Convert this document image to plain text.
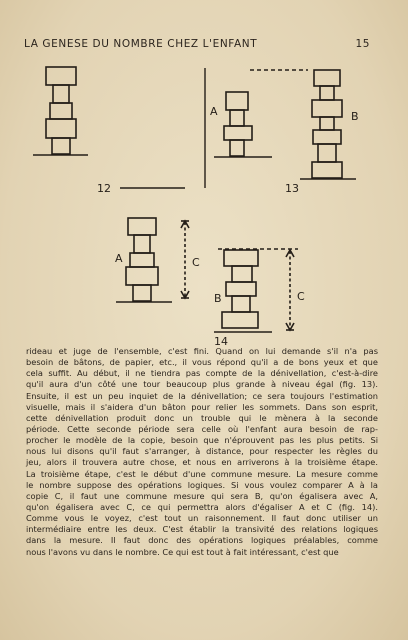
LA GENESE DU NOMBRE CHEZ L'ENFANT	15
12
A	B
13
A	C
B	C
14
rideau et juge de l'ensemble, c'est fini. Quand on lui demande s'il n'a pas
besoin de bâtons, de papier, etc., il vous répond qu'il a de bons yeux et que
cela suffit. Au début, il ne tiendra pas compte de la dénivellation, c'est-à-dire
qu'il aura d'un côté une tour beaucoup plus grande à niveau égal (fig. 13).
Ensuite, il est un peu inquiet de la dénivellation; ce sera toujours l'estimation
visuelle, mais il s'aidera d'un bâton pour relier les sommets. Dans son esprit,
cette dénivellation produit donc un trouble qui le mènera à la seconde
période. Cette seconde période sera celle où l'enfant aura besoin de rap-
procher le modèle de la copie, besoin que n'éprouvent pas les plus petits. Si
nous lui disons qu'il faut s'arranger, à distance, pour respecter les règles du
jeu, alors il trouvera autre chose, et nous en arriverons à la troisième étape.
La troisième étape, c'est le début d'une commune mesure. La mesure comme
le nombre suppose des opérations logiques. Si vous voulez comparer A à la
copie C, il faut une commune mesure qui sera B, qu'on égalisera avec A,
qu'on égalisera avec C, ce qui permettra alors d'égaliser A et C (fig. 14).
Comme vous le voyez, c'est tout un raisonnement. Il faut donc utiliser un
intermédiaire entre les deux. C'est établir la transivité des relations logiques
dans la mesure. Il faut donc des opérations logiques préalables, comme
nous l'avons vu dans le nombre. Ce qui est tout à fait intéressant, c'est que
